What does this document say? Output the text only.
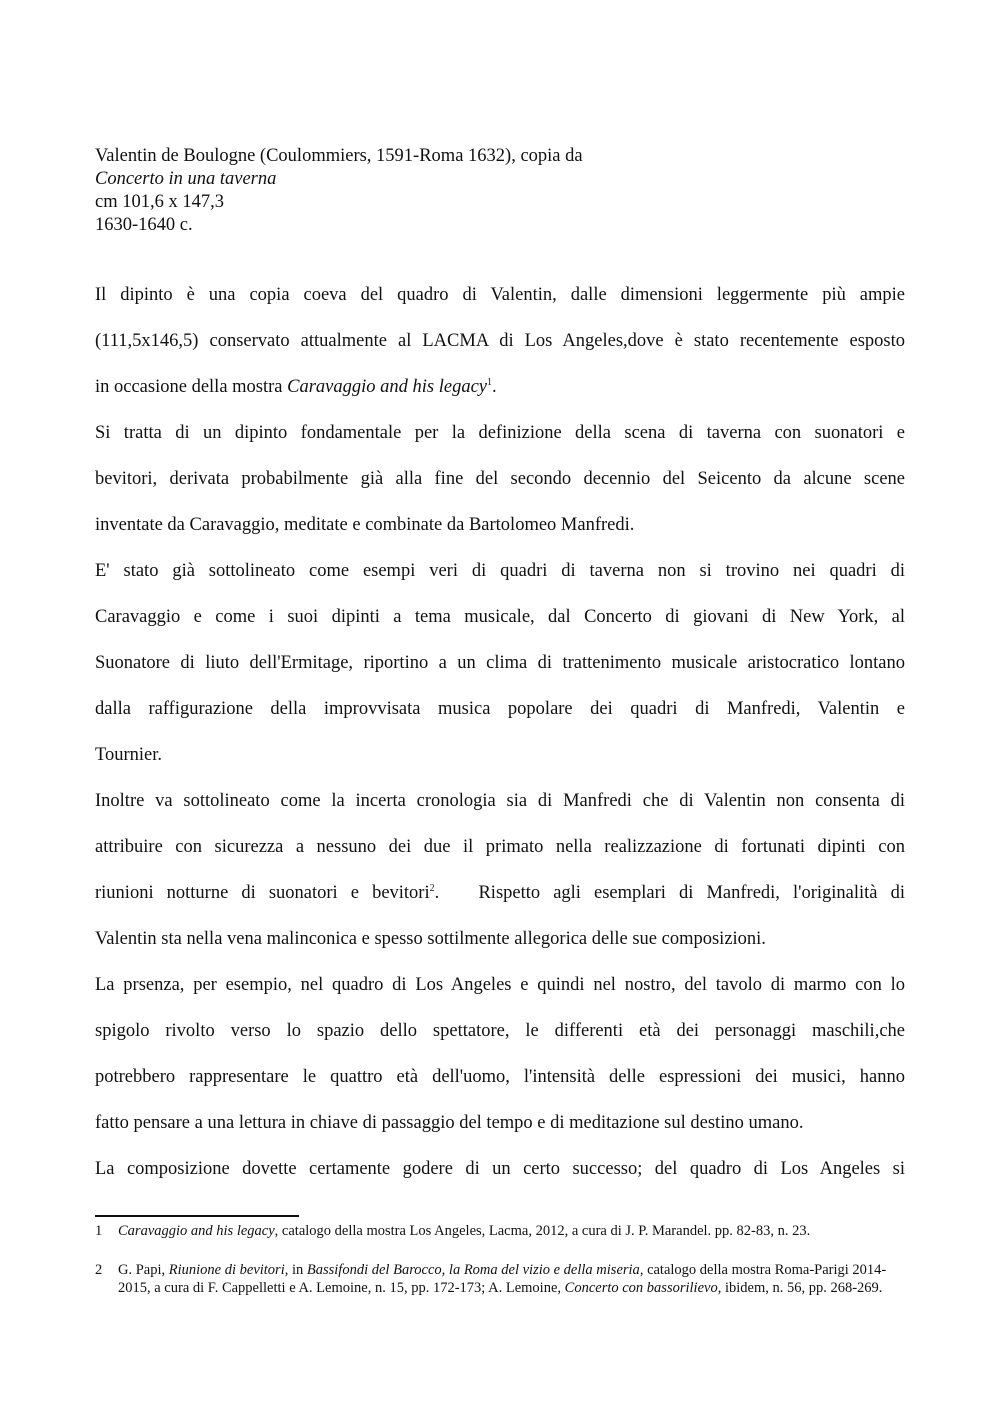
Valentin de Boulogne (Coulommiers, 1591-Roma 1632), copia da
Concerto in una taverna
cm 101,6 x 147,3
1630-1640 c.
Il dipinto è una copia coeva del quadro di Valentin, dalle dimensioni leggermente più ampie
(111,5x146,5) conservato attualmente al LACMA di Los Angeles,dove è stato recentemente esposto
in occasione della mostra Caravaggio and his legacy$^1$.
Si tratta di un dipinto fondamentale per la definizione della scena di taverna con suonatori e
bevitori, derivata probabilmente già alla fine del secondo decennio del Seicento da alcune scene
inventate da Caravaggio, meditate e combinate da Bartolomeo Manfredi.
E' stato già sottolineato come esempi veri di quadri di taverna non si trovino nei quadri di
Caravaggio e come i suoi dipinti a tema musicale, dal Concerto di giovani di New York, al
Suonatore di liuto dell'Ermitage, riportino a un clima di trattenimento musicale aristocratico lontano
dalla raffigurazione della improvvisata musica popolare dei quadri di Manfredi, Valentin e
Tournier.
Inoltre va sottolineato come la incerta cronologia sia di Manfredi che di Valentin non consenta di
attribuire con sicurezza a nessuno dei due il primato nella realizzazione di fortunati dipinti con
riunioni notturne di suonatori e bevitori$^2$.   Rispetto agli esemplari di Manfredi, l'originalità di
Valentin sta nella vena malinconica e spesso sottilmente allegorica delle sue composizioni.
La prsenza, per esempio, nel quadro di Los Angeles e quindi nel nostro, del tavolo di marmo con lo
spigolo rivolto verso lo spazio dello spettatore, le differenti età dei personaggi maschili,che
potrebbero rappresentare le quattro età dell'uomo, l'intensità delle espressioni dei musici, hanno
fatto pensare a una lettura in chiave di passaggio del tempo e di meditazione sul destino umano.
La composizione dovette certamente godere di un certo successo; del quadro di Los Angeles si
1 Caravaggio and his legacy, catalogo della mostra Los Angeles, Lacma, 2012, a cura di J. P. Marandel. pp. 82-83, n. 23.
2 G. Papi, Riunione di bevitori, in Bassifondi del Barocco, la Roma del vizio e della miseria, catalogo della mostra Roma-Parigi 2014-2015, a cura di F. Cappelletti e A. Lemoine, n. 15, pp. 172-173; A. Lemoine, Concerto con bassorilievo, ibidem, n. 56, pp. 268-269.
